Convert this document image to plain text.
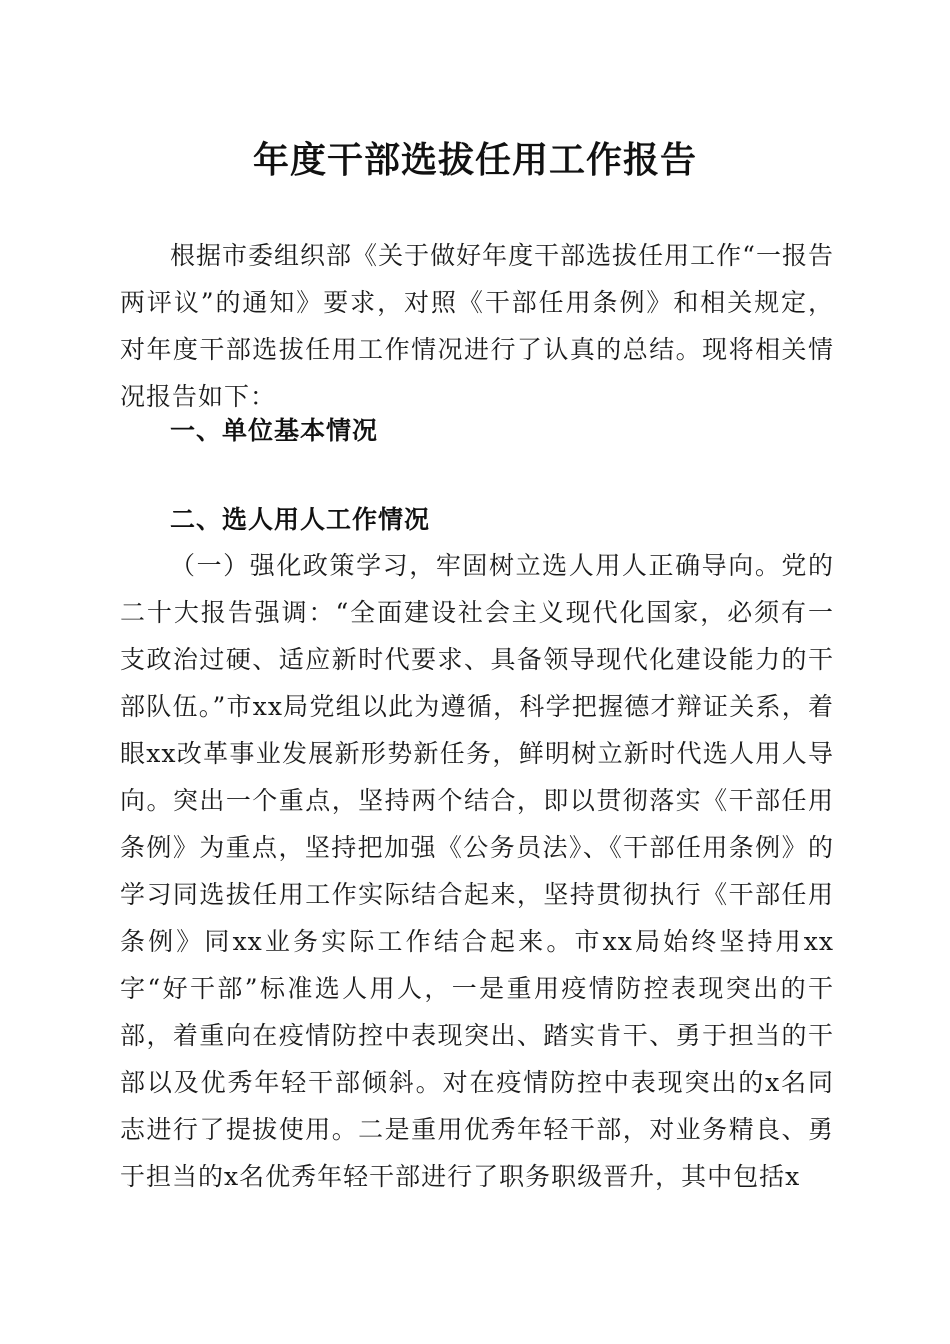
年度干部选拔任用工作报告

根据市委组织部《关于做好年度干部选拔任用工作“一报告两评议”的通知》要求，对照《干部任用条例》和相关规定，对年度干部选拔任用工作情况进行了认真的总结。现将相关情况报告如下：

一、单位基本情况
二、选人用人工作情况

（一）强化政策学习，牢固树立选人用人正确导向。党的二十大报告强调：“全面建设社会主义现代化国家，必须有一支政治过硬、适应新时代要求、具备领导现代化建设能力的干部队伍。”市xx局党组以此为遵循，科学把握德才辩证关系，着眼xx改革事业发展新形势新任务，鲜明树立新时代选人用人导向。突出一个重点，坚持两个结合，即以贯彻落实《干部任用条例》为重点，坚持把加强《公务员法》、《干部任用条例》的学习同选拔任用工作实际结合起来，坚持贯彻执行《干部任用条例》同xx业务实际工作结合起来。市xx局始终坚持用xx字“好干部”标准选人用人，一是重用疫情防控表现突出的干部，着重向在疫情防控中表现突出、踏实肯干、勇于担当的干部以及优秀年轻干部倾斜。对在疫情防控中表现突出的x名同志进行了提拔使用。二是重用优秀年轻干部，对业务精良、勇于担当的x名优秀年轻干部进行了职务职级晋升，其中包括x
